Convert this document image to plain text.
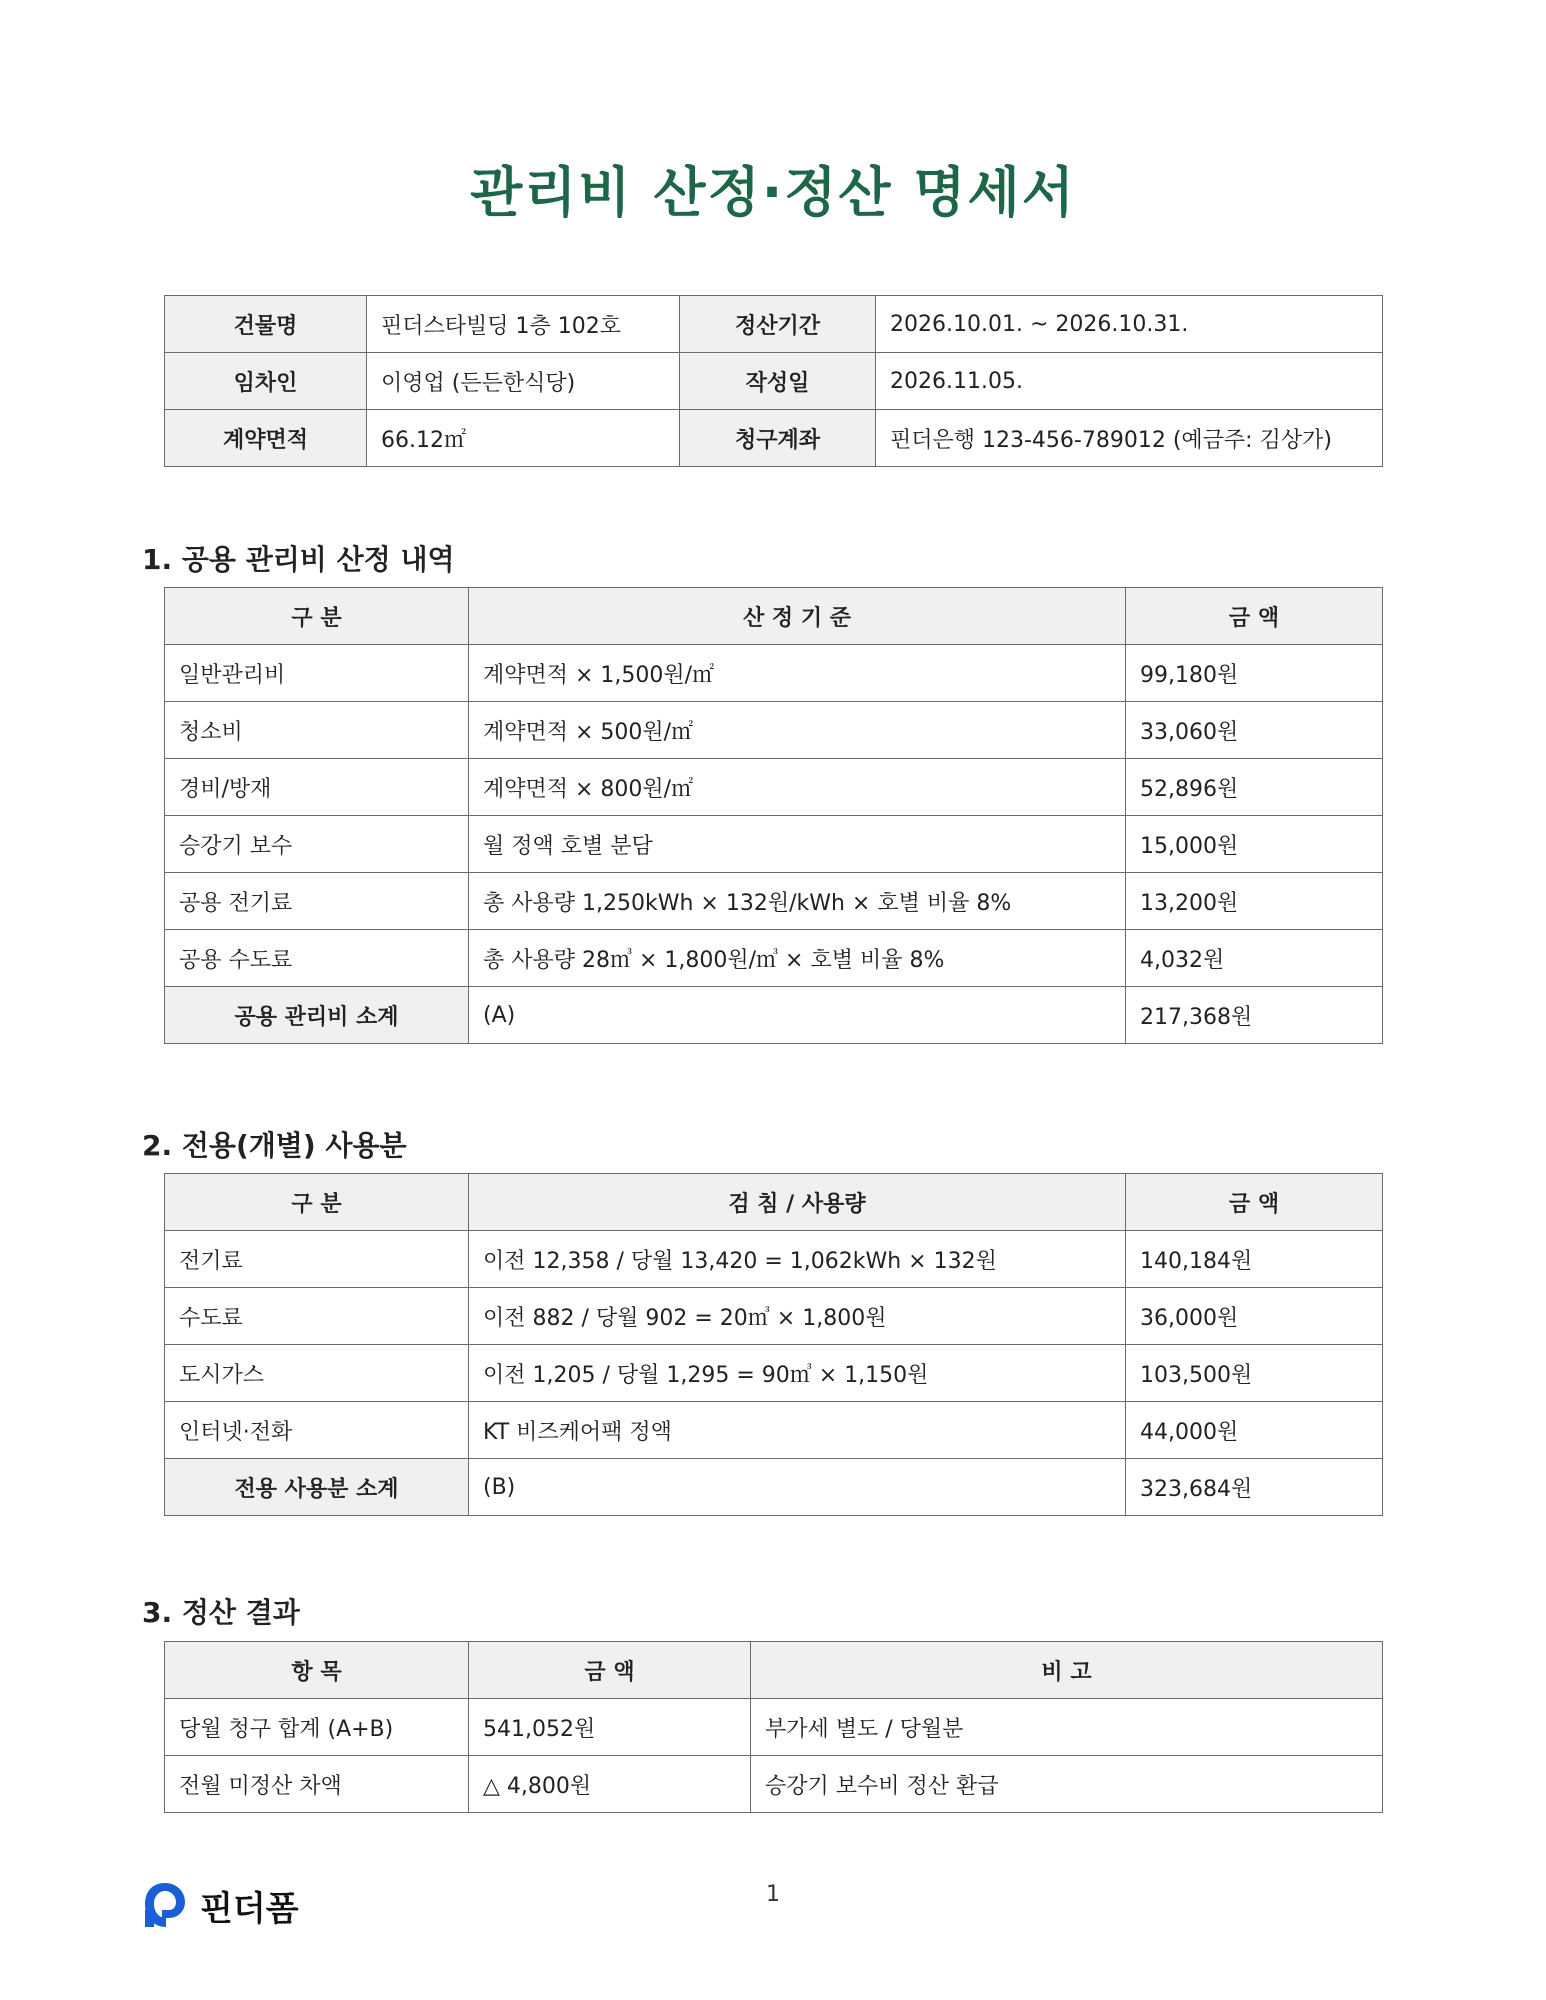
관리비 산정·정산 명세서
건물명	핀더스타빌딩 1층 102호	정산기간	2026.10.01. ~ 2026.10.31.
임차인	이영업 (든든한식당)	작성일	2026.11.05.
계약면적	66.12㎡	청구계좌	핀더은행 123-456-789012 (예금주: 김상가)
1. 공용 관리비 산정 내역
구 분	산 정 기 준	금 액
일반관리비	계약면적 × 1,500원/㎡	99,180원
청소비	계약면적 × 500원/㎡	33,060원
경비/방재	계약면적 × 800원/㎡	52,896원
승강기 보수	월 정액 호별 분담	15,000원
공용 전기료	총 사용량 1,250kWh × 132원/kWh × 호별 비율 8%	13,200원
공용 수도료	총 사용량 28㎥ × 1,800원/㎥ × 호별 비율 8%	4,032원
공용 관리비 소계	(A)	217,368원
2. 전용(개별) 사용분
구 분	검 침 / 사용량	금 액
전기료	이전 12,358 / 당월 13,420 = 1,062kWh × 132원	140,184원
수도료	이전 882 / 당월 902 = 20㎥ × 1,800원	36,000원
도시가스	이전 1,205 / 당월 1,295 = 90㎥ × 1,150원	103,500원
인터넷·전화	KT 비즈케어팩 정액	44,000원
전용 사용분 소계	(B)	323,684원
3. 정산 결과
항 목	금 액	비 고
당월 청구 합계 (A+B)	541,052원	부가세 별도 / 당월분
전월 미정산 차액	△ 4,800원	승강기 보수비 정산 환급
핀더폼	1
